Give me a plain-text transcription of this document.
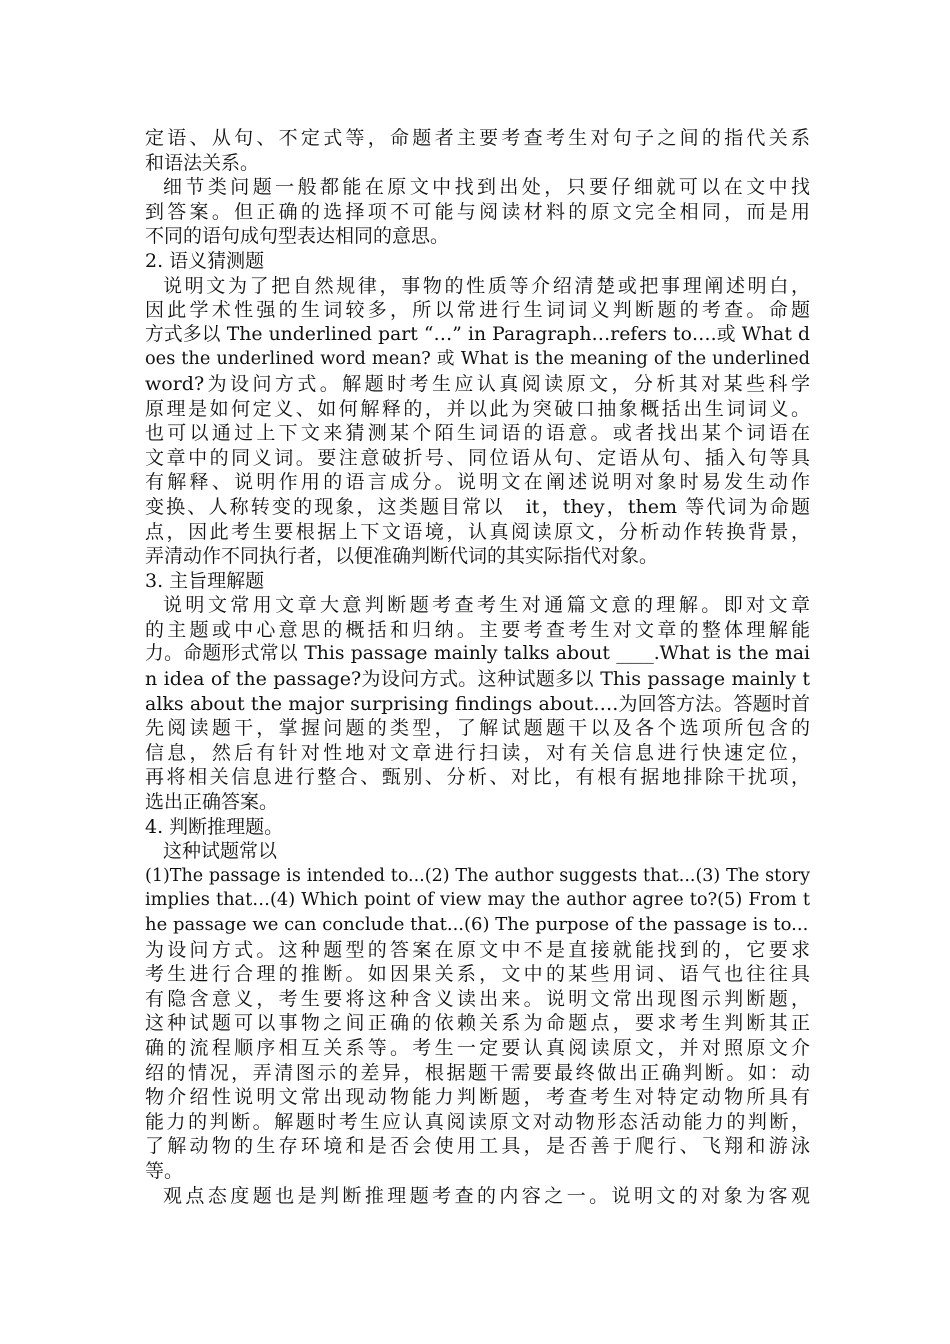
定语、从句、不定式等，命题者主要考查考生对句子之间的指代关系
和语法关系。
细节类问题一般都能在原文中找到出处，只要仔细就可以在文中找
到答案。但正确的选择项不可能与阅读材料的原文完全相同，而是用
不同的语句成句型表达相同的意思。
2. 语义猜测题
说明文为了把自然规律，事物的性质等介绍清楚或把事理阐述明白，
因此学术性强的生词较多，所以常进行生词词义判断题的考查。命题
方式多以 The underlined part “…” in Paragraph…refers to….或 What d
oes the underlined word mean? 或 What is the meaning of the underlined
word?为设问方式。解题时考生应认真阅读原文，分析其对某些科学
原理是如何定义、如何解释的，并以此为突破口抽象概括出生词词义。
也可以通过上下文来猜测某个陌生词语的语意。或者找出某个词语在
文章中的同义词。要注意破折号、同位语从句、定语从句、插入句等具
有解释、说明作用的语言成分。说明文在阐述说明对象时易发生动作
变换、人称转变的现象，这类题目常以　it，they，them 等代词为命题
点，因此考生要根据上下文语境，认真阅读原文，分析动作转换背景，
弄清动作不同执行者，以便准确判断代词的其实际指代对象。
3. 主旨理解题
说明文常用文章大意判断题考查考生对通篇文意的理解。即对文章
的主题或中心意思的概括和归纳。主要考查考生对文章的整体理解能
力。命题形式常以 This passage mainly talks about ____.What is the mai
n idea of the passage?为设问方式。这种试题多以 This passage mainly t
alks about the major surprising findings about….为回答方法。答题时首
先阅读题干，掌握问题的类型，了解试题题干以及各个选项所包含的
信息，然后有针对性地对文章进行扫读，对有关信息进行快速定位，
再将相关信息进行整合、甄别、分析、对比，有根有据地排除干扰项，
选出正确答案。
4. 判断推理题。
这种试题常以
(1)The passage is intended to...(2) The author suggests that...(3) The story
implies that…(4) Which point of view may the author agree to?(5) From t
he passage we can conclude that...(6) The purpose of the passage is to...
为设问方式。这种题型的答案在原文中不是直接就能找到的，它要求
考生进行合理的推断。如因果关系，文中的某些用词、语气也往往具
有隐含意义，考生要将这种含义读出来。说明文常出现图示判断题，
这种试题可以事物之间正确的依赖关系为命题点，要求考生判断其正
确的流程顺序相互关系等。考生一定要认真阅读原文，并对照原文介
绍的情况，弄清图示的差异，根据题干需要最终做出正确判断。如：动
物介绍性说明文常出现动物能力判断题，考查考生对特定动物所具有
能力的判断。解题时考生应认真阅读原文对动物形态活动能力的判断，
了解动物的生存环境和是否会使用工具，是否善于爬行、飞翔和游泳
等。
观点态度题也是判断推理题考查的内容之一。说明文的对象为客观
